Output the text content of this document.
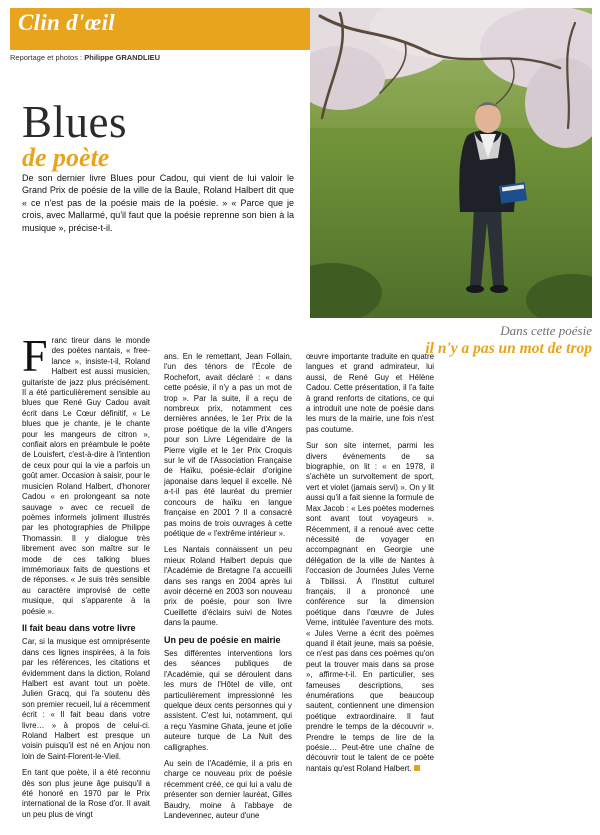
Clin d'œil
Reportage et photos : Philippe GRANDLIEU
Blues
de poète
De son dernier livre Blues pour Cadou, qui vient de lui valoir le Grand Prix de poésie de la ville de la Baule, Roland Halbert dit que « ce n'est pas de la poésie mais de la poésie. » « Parce que je crois, avec Mallarmé, qu'il faut que la poésie reprenne son bien à la musique », précise-t-il.
Dans cette poésie
il n'y a pas un mot de trop

Franc tireur dans le monde des poètes nantais, « free-lance », insiste-t-il, Roland Halbert est aussi musicien, guitariste de jazz plus précisément. Il a été particulièrement sensible au blues que René Guy Cadou avait écrit dans Le Cœur définitif, « Le blues que je chante, je le chante pour les mangeurs de citron », confiait alors en préambule le poète de Louisfert, c'est-à-dire à l'intention de ceux pour qui la vie a parfois un goût amer. Occasion à saisir, pour le musicien Roland Halbert, d'honorer Cadou « en prolongeant sa note sauvage » avec ce recueil de poèmes informels joliment illustrés par les photographies de Philippe Thomassin. Il y dialogue très librement avec son maître sur le mode de ces talking blues immémoriaux faits de questions et de réponses. « Je suis très sensible au caractère improvisé de cette musique, qui s'apparente à la poésie ».

Il fait beau dans votre livre

Car, si la musique est omniprésente dans ces lignes inspirées, à la fois par les références, les citations et évidemment dans la diction, Roland Halbert est avant tout un poète. Julien Gracq, qui l'a soutenu dès son premier recueil, lui a récemment écrit : « Il fait beau dans votre livre… » à propos de celui-ci. Roland Halbert est presque un voisin puisqu'il est né en Anjou non loin de Saint-Florent-le-Vieil.

En tant que poète, il a été reconnu dès son plus jeune âge puisqu'il a été honoré en 1970 par le Prix international de la Rose d'or. Il avait un peu plus de vingt

ans. En le remettant, Jean Follain, l'un des ténors de l'École de Rochefort, avait déclaré : « dans cette poésie, il n'y a pas un mot de trop ». Par la suite, il a reçu de nombreux prix, notamment ces dernières années, le 1er Prix de la prose poétique de la ville d'Angers pour son Livre Légendaire de la Pierre vigile et le 1er Prix Croquis sur le vif de l'Association Française de Haïku, poésie-éclair d'origine japonaise dans lequel il excelle. Né a-t-il pas été lauréat du premier concours de haïku en langue française en 2001 ? Il a consacré pas moins de trois ouvrages à cette poétique de « l'extrême intérieur ».

Les Nantais connaissent un peu mieux Roland Halbert depuis que l'Académie de Bretagne l'a accueilli dans ses rangs en 2004 après lui avoir décerné en 2003 son nouveau prix de poésie, pour son livre Cueillette d'éclairs suivi de Notes dans la paume.

Un peu de poésie en mairie

Ses différentes interventions lors des séances publiques de l'Académie, qui se déroulent dans les murs de l'Hôtel de ville, ont particulièrement impressionné les quelque deux cents personnes qui y assistent. C'est lui, notamment, qui a reçu Yasmine Ghata, jeune et jolie auteure turque de La Nuit des calligraphes.

Au sein de l'Académie, il a pris en charge ce nouveau prix de poésie récemment créé, ce qui lui a valu de présenter son dernier lauréat, Gilles Baudry, moine à l'abbaye de Landevennec, auteur d'une

œuvre importante traduite en quatre langues et grand admirateur, lui aussi, de René Guy et Hélène Cadou. Cette présentation, il l'a faite à grand renforts de citations, ce qui a introduit une note de poésie dans les murs de la mairie, une fois n'est pas coutume.

Sur son site internet, parmi les divers évènements de sa biographie, on lit : « en 1978, il s'achète un survoltement de sport, vert et violet (jamais servi) ». On y lit aussi qu'il a fait sienne la formule de Max Jacob : « Les poètes modernes sont avant tout voyageurs ». Récemment, il a renoué avec cette nécessité de voyager en accompagnant en Georgie une délégation de la ville de Nantes à l'occasion de Journées Jules Verne à Tbilissi. À l'Institut culturel français, il a prononcé une conférence sur la dimension poétique dans l'œuvre de Jules Verne, intitulée l'aventure des mots. « Jules Verne a écrit des poèmes quand il était jeune, mais sa poésie, ce n'est pas dans ces poèmes qu'on peut la trouver mais dans sa prose », affirme-t-il. En particulier, ses fameuses descriptions, ses énumérations que beaucoup sautent, contiennent une dimension poétique extraordinaire. Il faut prendre le temps de la découvrir ». Prendre le temps de lire de la poésie… Peut-être une chaîne de découvrir tout le talent de ce poète nantais qu'est Roland Halbert.
